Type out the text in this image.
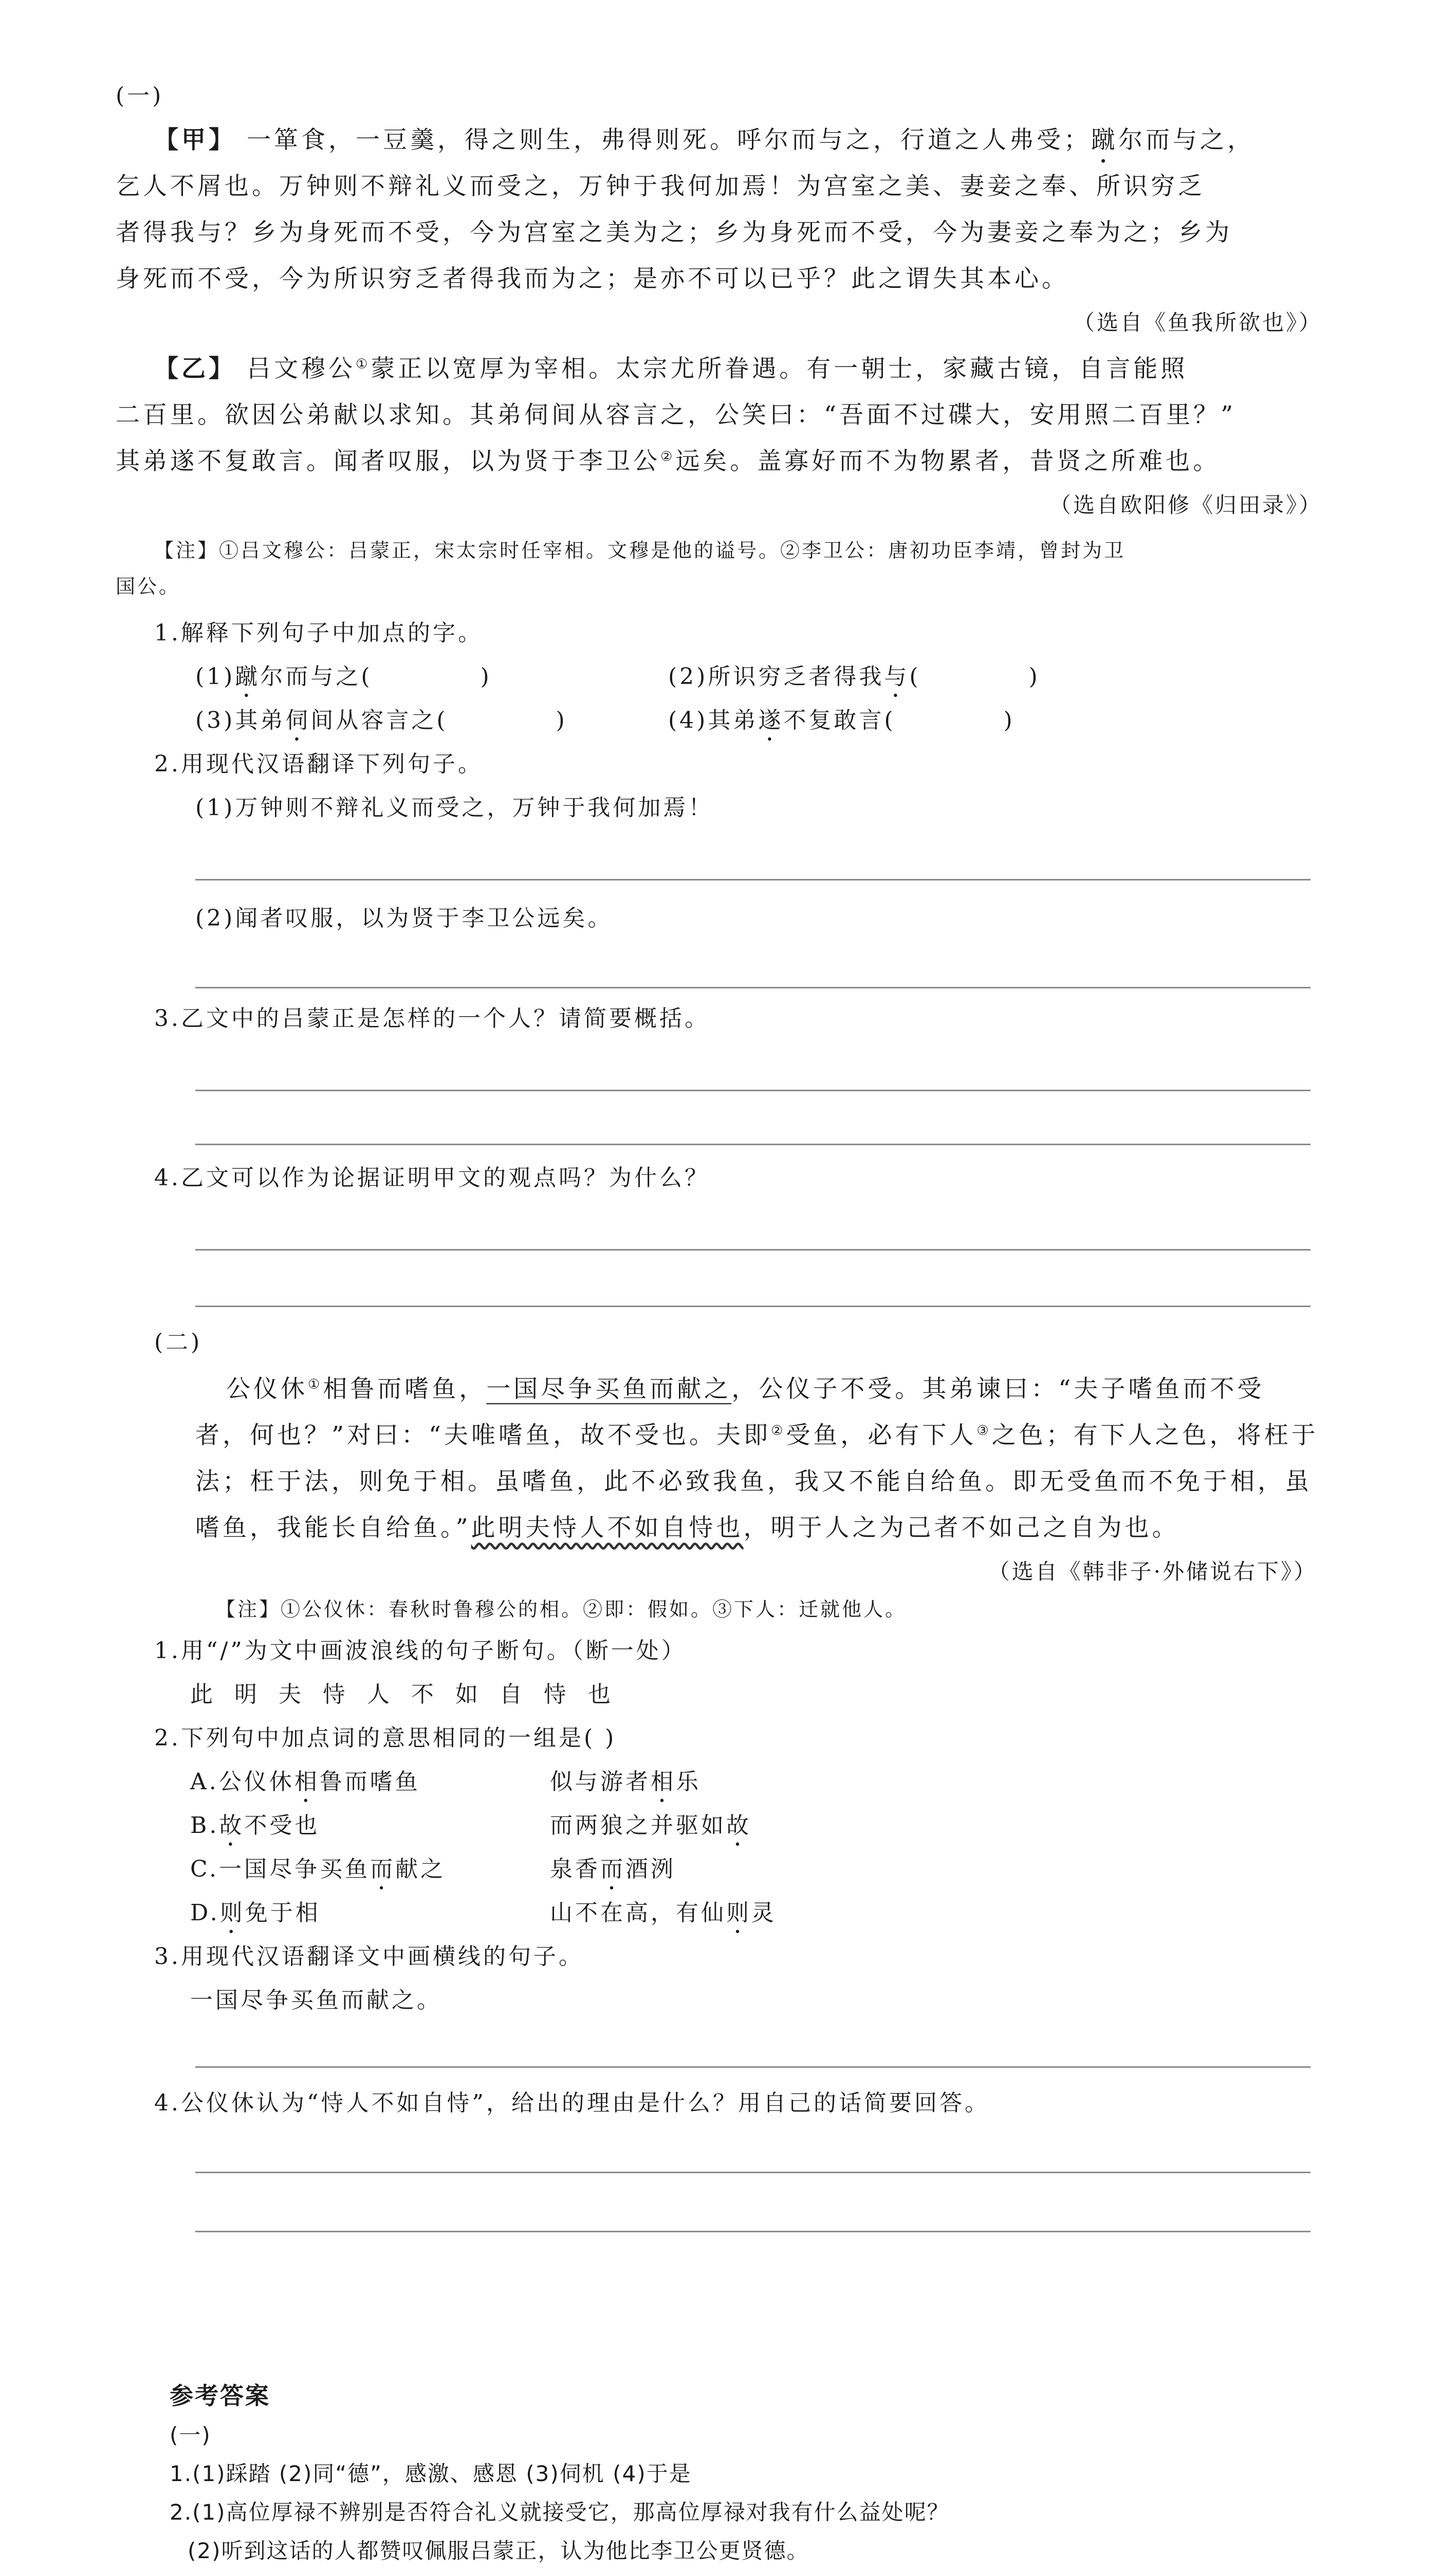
(一)
【甲】 一箪食，一豆羹，得之则生，弗得则死。呼尔而与之，行道之人弗受；蹴尔而与之，
乞人不屑也。万钟则不辩礼义而受之，万钟于我何加焉！为宫室之美、妻妾之奉、所识穷乏
者得我与？乡为身死而不受，今为宫室之美为之；乡为身死而不受，今为妻妾之奉为之；乡为
身死而不受，今为所识穷乏者得我而为之；是亦不可以已乎？此之谓失其本心。
（选自《鱼我所欲也》）
【乙】 吕文穆公①蒙正以宽厚为宰相。太宗尤所眷遇。有一朝士，家藏古镜，自言能照
二百里。欲因公弟献以求知。其弟伺间从容言之，公笑曰：“吾面不过碟大，安用照二百里？”
其弟遂不复敢言。闻者叹服，以为贤于李卫公②远矣。盖寡好而不为物累者，昔贤之所难也。
（选自欧阳修《归田录》）
【注】①吕文穆公：吕蒙正，宋太宗时任宰相。文穆是他的谥号。②李卫公：唐初功臣李靖，曾封为卫
国公。
1.解释下列句子中加点的字。
(1)蹴尔而与之(	)	(2)所识穷乏者得我与(	)
(3)其弟伺间从容言之(	)	(4)其弟遂不复敢言(	)
2.用现代汉语翻译下列句子。
(1)万钟则不辩礼义而受之，万钟于我何加焉！
(2)闻者叹服，以为贤于李卫公远矣。
3.乙文中的吕蒙正是怎样的一个人？请简要概括。
4.乙文可以作为论据证明甲文的观点吗？为什么？
(二)
公仪休①相鲁而嗜鱼，一国尽争买鱼而献之，公仪子不受。其弟谏曰：“夫子嗜鱼而不受
者，何也？”对曰：“夫唯嗜鱼，故不受也。夫即②受鱼，必有下人③之色；有下人之色，将枉于
法；枉于法，则免于相。虽嗜鱼，此不必致我鱼，我又不能自给鱼。即无受鱼而不免于相，虽
嗜鱼，我能长自给鱼。”此明夫恃人不如自恃也，明于人之为己者不如己之自为也。
（选自《韩非子·外储说右下》）
【注】①公仪休：春秋时鲁穆公的相。②即：假如。③下人：迁就他人。
1.用“/”为文中画波浪线的句子断句。（断一处）
此 明 夫 恃 人 不 如 自 恃 也
2.下列句中加点词的意思相同的一组是( )
A.公仪休相鲁而嗜鱼	似与游者相乐
B.故不受也	而两狼之并驱如故
C.一国尽争买鱼而献之	泉香而酒洌
D.则免于相	山不在高，有仙则灵
3.用现代汉语翻译文中画横线的句子。
一国尽争买鱼而献之。
4.公仪休认为“恃人不如自恃”，给出的理由是什么？用自己的话简要回答。
参考答案
(一)
1.(1)踩踏 (2)同“德”，感激、感恩 (3)伺机 (4)于是
2.(1)高位厚禄不辨别是否符合礼义就接受它，那高位厚禄对我有什么益处呢？
(2)听到这话的人都赞叹佩服吕蒙正，认为他比李卫公更贤德。
